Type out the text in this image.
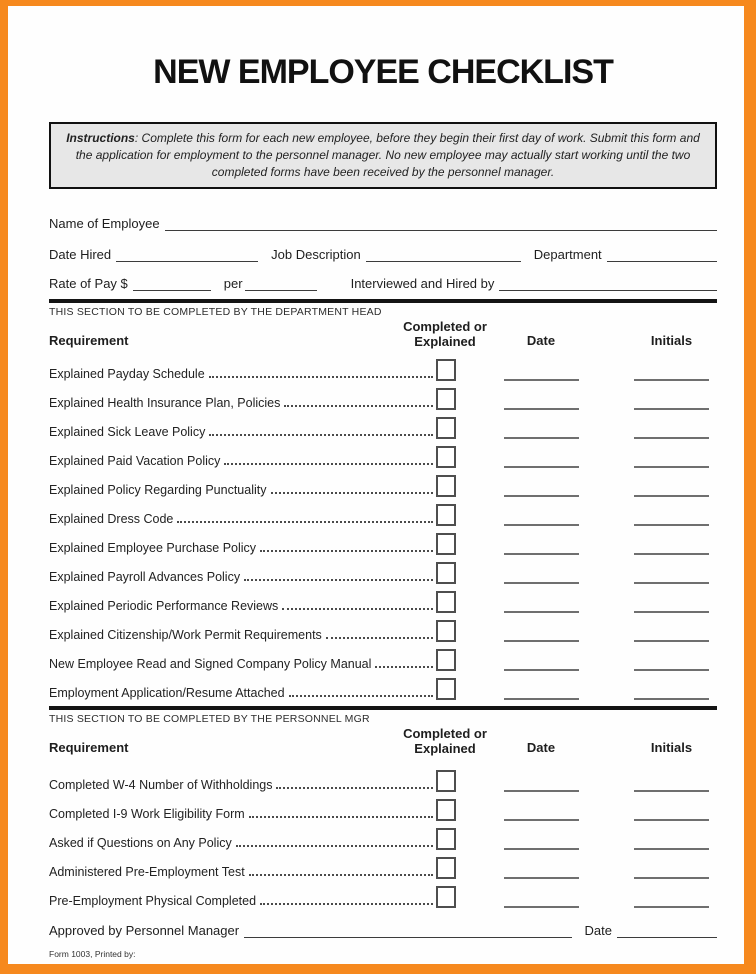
NEW EMPLOYEE CHECKLIST
Instructions: Complete this form for each new employee, before they begin their first day of work. Submit this form and the application for employment to the personnel manager. No new employee may actually start working until the two completed forms have been received by the personnel manager.
Name of Employee
Date Hired	Job Description	Department
Rate of Pay $	per	Interviewed and Hired by
THIS SECTION TO BE COMPLETED BY THE DEPARTMENT HEAD
Requirement
Completed or
Explained	Date	Initials
Explained Payday Schedule
Explained Health Insurance Plan, Policies
Explained Sick Leave Policy
Explained Paid Vacation Policy
Explained Policy Regarding Punctuality
Explained Dress Code
Explained Employee Purchase Policy
Explained Payroll Advances Policy
Explained Periodic Performance Reviews
Explained Citizenship/Work Permit Requirements
New Employee Read and Signed Company Policy Manual
Employment Application/Resume Attached
THIS SECTION TO BE COMPLETED BY THE PERSONNEL MGR
Requirement
Completed or
Explained	Date	Initials
Completed W-4 Number of Withholdings
Completed I-9 Work Eligibility Form
Asked if Questions on Any Policy
Administered Pre-Employment Test
Pre-Employment Physical Completed
Approved by Personnel Manager	Date
Form 1003, Printed by:
